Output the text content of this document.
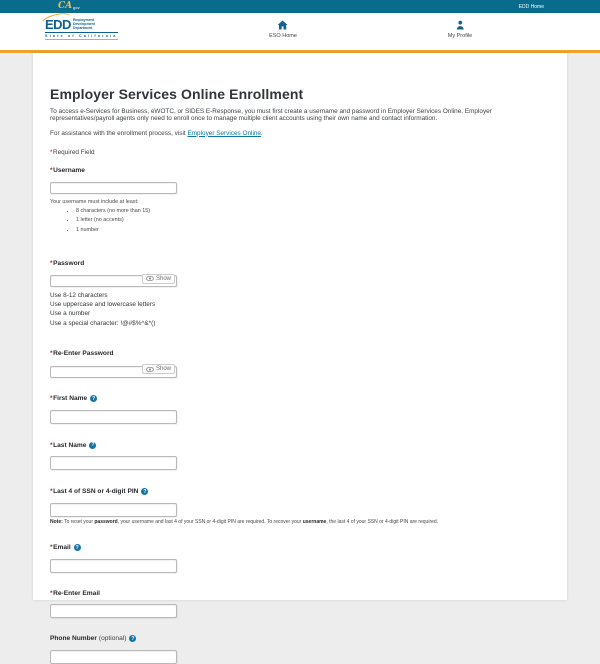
CA gov	EDD Home
EDD Employment
Development
Department
State of California	ESO Home	My Profile
Employer Services Online Enrollment

To access e-Services for Business, eWOTC, or SIDES E-Response, you must first create a username and password in Employer Services Online. Employer representatives/payroll agents only need to enroll once to manage multiple client accounts using their own name and contact information.

For assistance with the enrollment process, visit Employer Services Online.

*Required Field

* Username
Your username must include at least:
• 8 characters (no more than 15)
• 1 letter (no accents)
• 1 number
* Password
Show
Use 8-12 characters
Use uppercase and lowercase letters
Use a number
Use a special character: !@#$%^&*()
* Re-Enter Password
Show
* First Name ?
* Last Name ?
* Last 4 of SSN or 4-digit PIN ?

Note: To reset your password, your username and last 4 of your SSN or 4-digit PIN are required. To recover your username, the last 4 of your SSN or 4-digit PIN are required.

* Email ?
* Re-Enter Email
Phone Number (optional) ?
